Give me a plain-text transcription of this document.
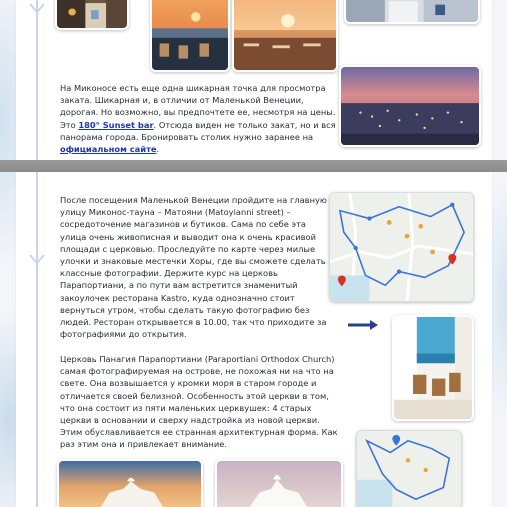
На Миконосе есть еще одна шикарная точка для просмотра заката. Шикарная и, в отличии от Маленькой Венеции, дорогая. Но возможно, вы предпочтете ее, несмотря на цены. Это 180° Sunset bar. Отсюда виден не только закат, но и вся панорама города. Бронировать столик нужно заранее на официальном сайте.
После посещения Маленькой Венеции пройдите на главную улицу Миконос-тауна – Матояни (Matoyianni street) – сосредоточение магазинов и бутиков. Сама по себе эта улица очень живописная и выводит она к очень красивой площади с церковью. Проследуйте по карте через милые улочки и знаковые местечки Хоры, где вы сможете сделать классные фотографии. Держите курс на церковь Парапортиани, а по пути вам встретится знаменитый закоулочек ресторана Kastro, куда однозначно стоит вернуться утром, чтобы сделать такую фотографию без людей. Ресторан открывается в 10.00, так что приходите за фотографиями до открытия.
Церковь Панагия Парапортиани (Paraportiani Orthodox Church) самая фотографируемая на острове, не похожая ни на что на свете. Она возвышается у кромки моря в старом городе и отличается своей белизной. Особенность этой церкви в том, что она состоит из пяти маленьких церквушек: 4 старых церкви в основании и сверху надстройка из новой церкви. Этим обуславливается ее странная архитектурная форма. Как раз этим она и привлекает внимание.
